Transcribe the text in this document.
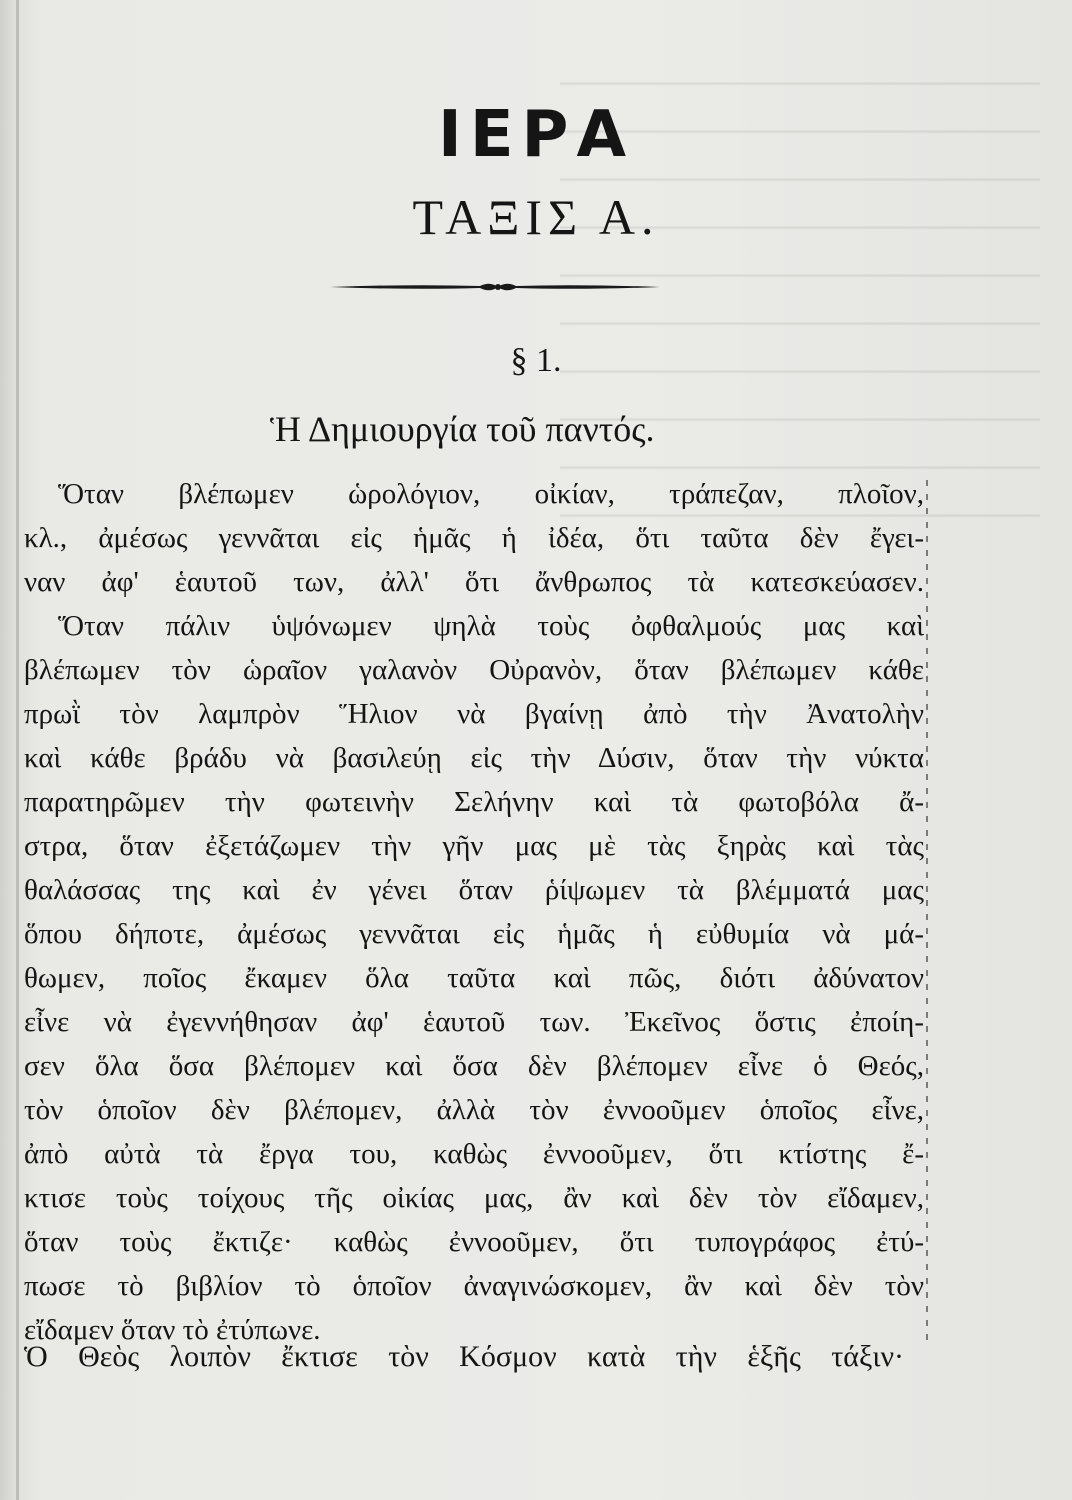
ΙΕΡΑ
ΤΑΞΙΣ Α.
§ 1.
Ἡ Δημιουργία τοῦ παντός.
Ὅταν βλέπωμεν ὡρολόγιον, οἰκίαν, τράπεζαν, πλοῖον,
κλ., ἀμέσως γεννᾶται εἰς ἡμᾶς ἡ ἰδέα, ὅτι ταῦτα δὲν ἔγει-
ναν ἀφ' ἑαυτοῦ των, ἀλλ' ὅτι ἄνθρωπος τὰ κατεσκεύασεν.
Ὅταν πάλιν ὑψόνωμεν ψηλὰ τοὺς ὀφθαλμούς μας καὶ
βλέπωμεν τὸν ὡραῖον γαλανὸν Οὐρανὸν, ὅταν βλέπωμεν κάθε
πρωῒ τὸν λαμπρὸν Ἥλιον νὰ βγαίνῃ ἀπὸ τὴν Ἀνατολὴν
καὶ κάθε βράδυ νὰ βασιλεύῃ εἰς τὴν Δύσιν, ὅταν τὴν νύκτα
παρατηρῶμεν τὴν φωτεινὴν Σελήνην καὶ τὰ φωτοβόλα ἄ-
στρα, ὅταν ἐξετάζωμεν τὴν γῆν μας μὲ τὰς ξηρὰς καὶ τὰς
θαλάσσας της καὶ ἐν γένει ὅταν ῥίψωμεν τὰ βλέμματά μας
ὅπου δήποτε, ἀμέσως γεννᾶται εἰς ἡμᾶς ἡ εὐθυμία νὰ μά-
θωμεν, ποῖος ἔκαμεν ὅλα ταῦτα καὶ πῶς, διότι ἀδύνατον
εἶνε νὰ ἐγεννήθησαν ἀφ' ἑαυτοῦ των. Ἐκεῖνος ὅστις ἐποίη-
σεν ὅλα ὅσα βλέπομεν καὶ ὅσα δὲν βλέπομεν εἶνε ὁ Θεός,
τὸν ὁποῖον δὲν βλέπομεν, ἀλλὰ τὸν ἐννοοῦμεν ὁποῖος εἶνε,
ἀπὸ αὐτὰ τὰ ἔργα του, καθὼς ἐννοοῦμεν, ὅτι κτίστης ἔ-
κτισε τοὺς τοίχους τῆς οἰκίας μας, ἂν καὶ δὲν τὸν εἴδαμεν,
ὅταν τοὺς ἔκτιζε· καθὼς ἐννοοῦμεν, ὅτι τυπογράφος ἐτύ-
πωσε τὸ βιβλίον τὸ ὁποῖον ἀναγινώσκομεν, ἂν καὶ δὲν τὸν
εἴδαμεν ὅταν τὸ ἐτύπωνε.
Ὁ Θεὸς λοιπὸν ἔκτισε τὸν Κόσμον κατὰ τὴν ἑξῆς τάξιν·
